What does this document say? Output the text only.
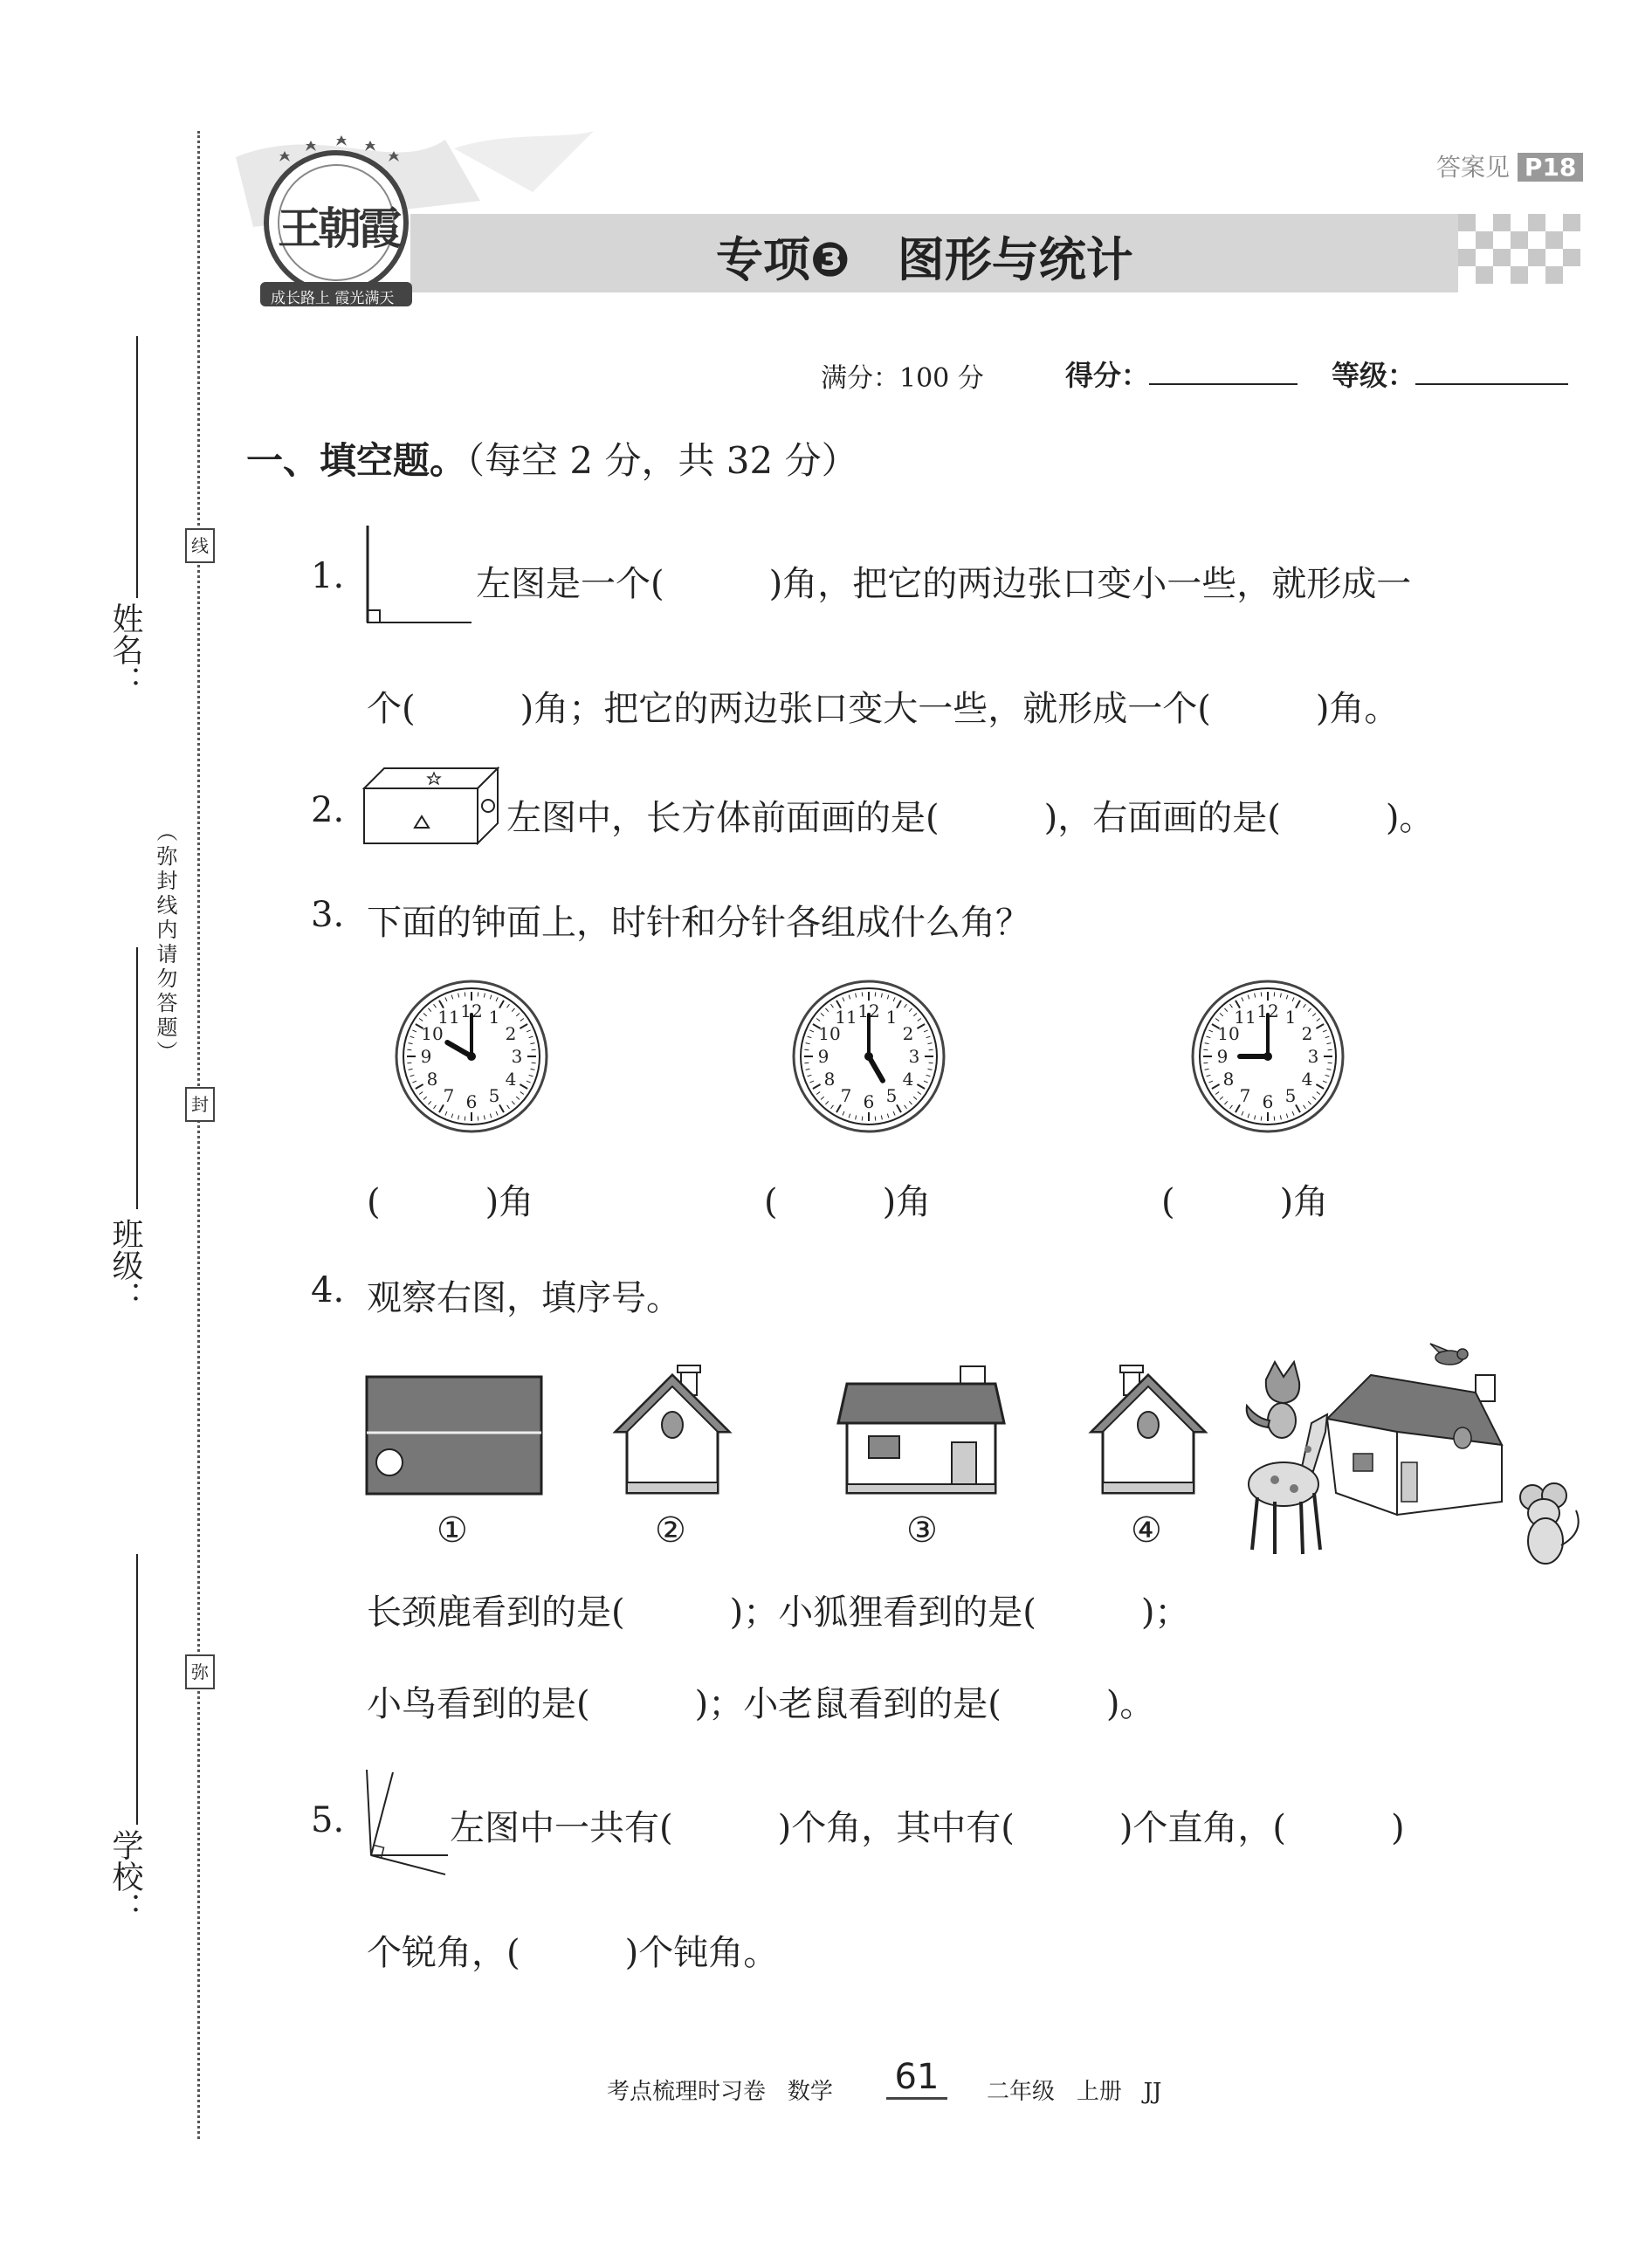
姓名：
班级：
学校：
（弥封线内请勿答题）
线
封
弥
答案见 P18
王朝霞
成长路上 霞光满天
专项❸　图形与统计
满分：100 分	得分：	等级：
一、填空题。（每空 2 分，共 32 分）
1.	左图是一个(　　　)角，把它的两边张口变小一些，就形成一
个(　　　)角；把它的两边张口变大一些，就形成一个(　　　)角。
2.	左图中，长方体前面画的是(　　　)，右面画的是(　　　)。
3. 下面的钟面上，时针和分针各组成什么角？
12 1
2
3
4
5
6
7
8
9
10
11	12 1
2
3
4
5
6
7
8
9
10
11	12 1
2
3
4
5
6
7
8
9
10
11
(　　　)角	(　　　)角	(　　　)角
4. 观察右图，填序号。
①	②	③	④
长颈鹿看到的是(　　　)；小狐狸看到的是(　　　)；
小鸟看到的是(　　　)；小老鼠看到的是(　　　)。
5.	左图中一共有(　　　)个角，其中有(　　　)个直角，(　　　)
个锐角，(　　　)个钝角。
考点梳理时习卷 数学 61	二年级 上册 JJ
